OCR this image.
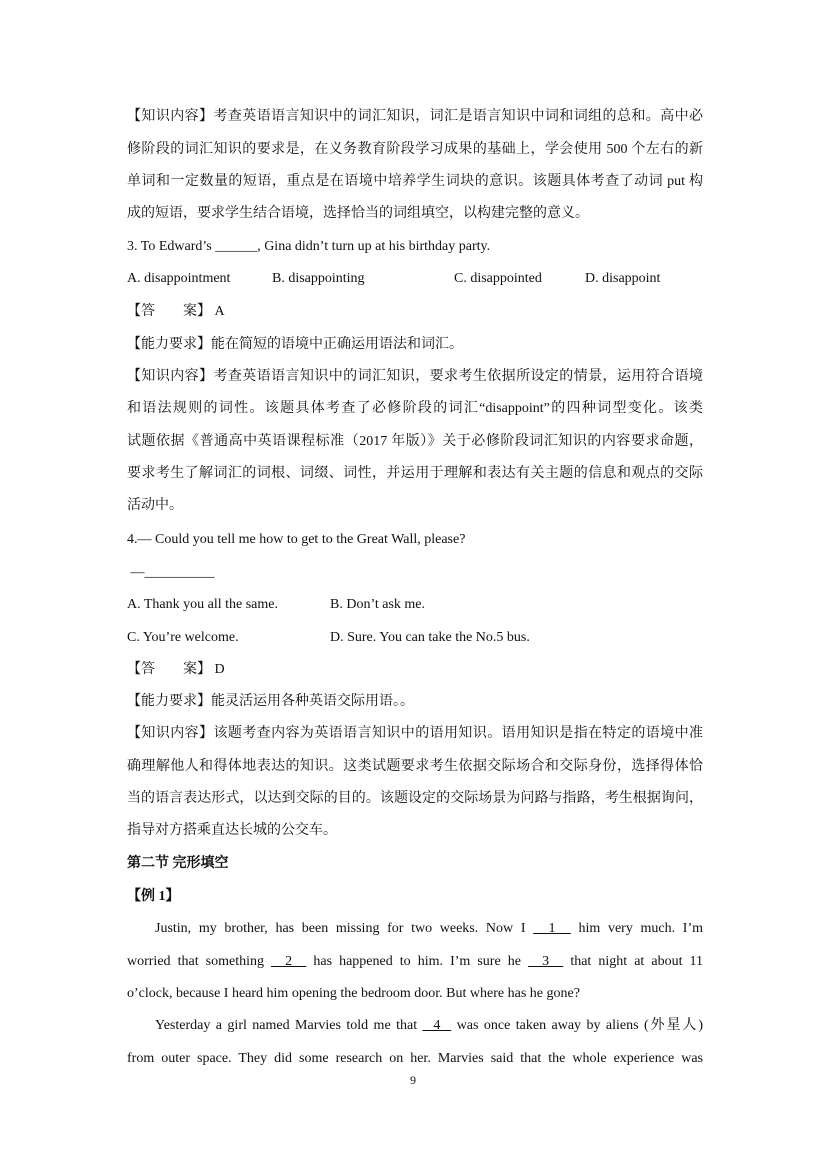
【知识内容】考查英语语言知识中的词汇知识，词汇是语言知识中词和词组的总和。高中必
修阶段的词汇知识的要求是，在义务教育阶段学习成果的基础上，学会使用 500 个左右的新
单词和一定数量的短语，重点是在语境中培养学生词块的意识。该题具体考查了动词 put 构
成的短语，要求学生结合语境，选择恰当的词组填空，以构建完整的意义。
3. To Edward’s ______, Gina didn’t turn up at his birthday party.
A. disappointment	B. disappointing	C. disappointed	D. disappoint
【答　　案】 A
【能力要求】能在简短的语境中正确运用语法和词汇。
【知识内容】考查英语语言知识中的词汇知识，要求考生依据所设定的情景，运用符合语境
和语法规则的词性。该题具体考查了必修阶段的词汇“disappoint”的四种词型变化。该类
试题依据《普通高中英语课程标准（2017 年版）》关于必修阶段词汇知识的内容要求命题，
要求考生了解词汇的词根、词缀、词性，并运用于理解和表达有关主题的信息和观点的交际
活动中。
4.— Could you tell me how to get to the Great Wall, please?
—__________
A. Thank you all the same.	B. Don’t ask me.
C. You’re welcome.	D. Sure. You can take the No.5 bus.
【答　　案】 D
【能力要求】能灵活运用各种英语交际用语。。
【知识内容】该题考查内容为英语语言知识中的语用知识。语用知识是指在特定的语境中准
确理解他人和得体地表达的知识。这类试题要求考生依据交际场合和交际身份，选择得体恰
当的语言表达形式，以达到交际的目的。该题设定的交际场景为问路与指路，考生根据询问，
指导对方搭乘直达长城的公交车。
第二节 完形填空
【例 1】
Justin, my brother, has been missing for two weeks. Now I   1   him very much. I’m
worried that something   2   has happened to him. I’m sure he   3   that night at about 11
o’clock, because I heard him opening the bedroom door. But where has he gone?
Yesterday a girl named Marvies told me that   4   was once taken away by aliens (外星人)
from outer space. They did some research on her. Marvies said that the whole experience was
9
